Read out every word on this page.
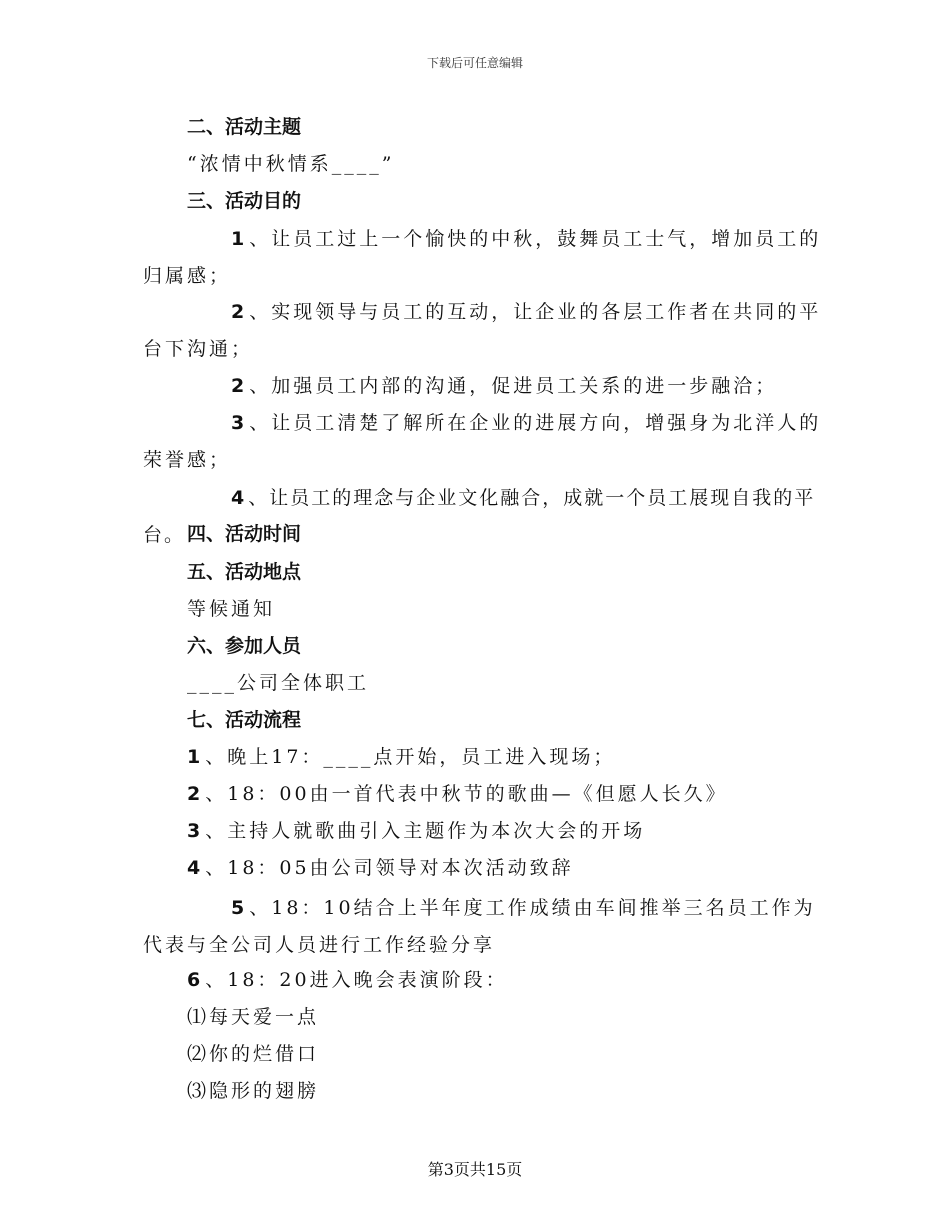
下载后可任意编辑
二、活动主题
“浓情中秋情系____”
三、活动目的
1 、让员工过上一个愉快的中秋，鼓舞员工士气，增加员工的归属感；
2 、实现领导与员工的互动，让企业的各层工作者在共同的平台下沟通；
2 、加强员工内部的沟通，促进员工关系的进一步融洽；
3 、让员工清楚了解所在企业的进展方向，增强身为北洋人的荣誉感；
4 、让员工的理念与企业文化融合，成就一个员工展现自我的平台。 四、活动时间
五、活动地点
等候通知
六、参加人员
____公司全体职工
七、活动流程
1 、晚上17：____点开始，员工进入现场；
2 、18：00由一首代表中秋节的歌曲—《但愿人长久》
3 、主持人就歌曲引入主题作为本次大会的开场
4 、18：05由公司领导对本次活动致辞
5 、18：10结合上半年度工作成绩由车间推举三名员工作为代表与全公司人员进行工作经验分享
6 、18：20进入晚会表演阶段：
⑴每天爱一点
⑵你的烂借口
⑶隐形的翅膀
第3页共15页
